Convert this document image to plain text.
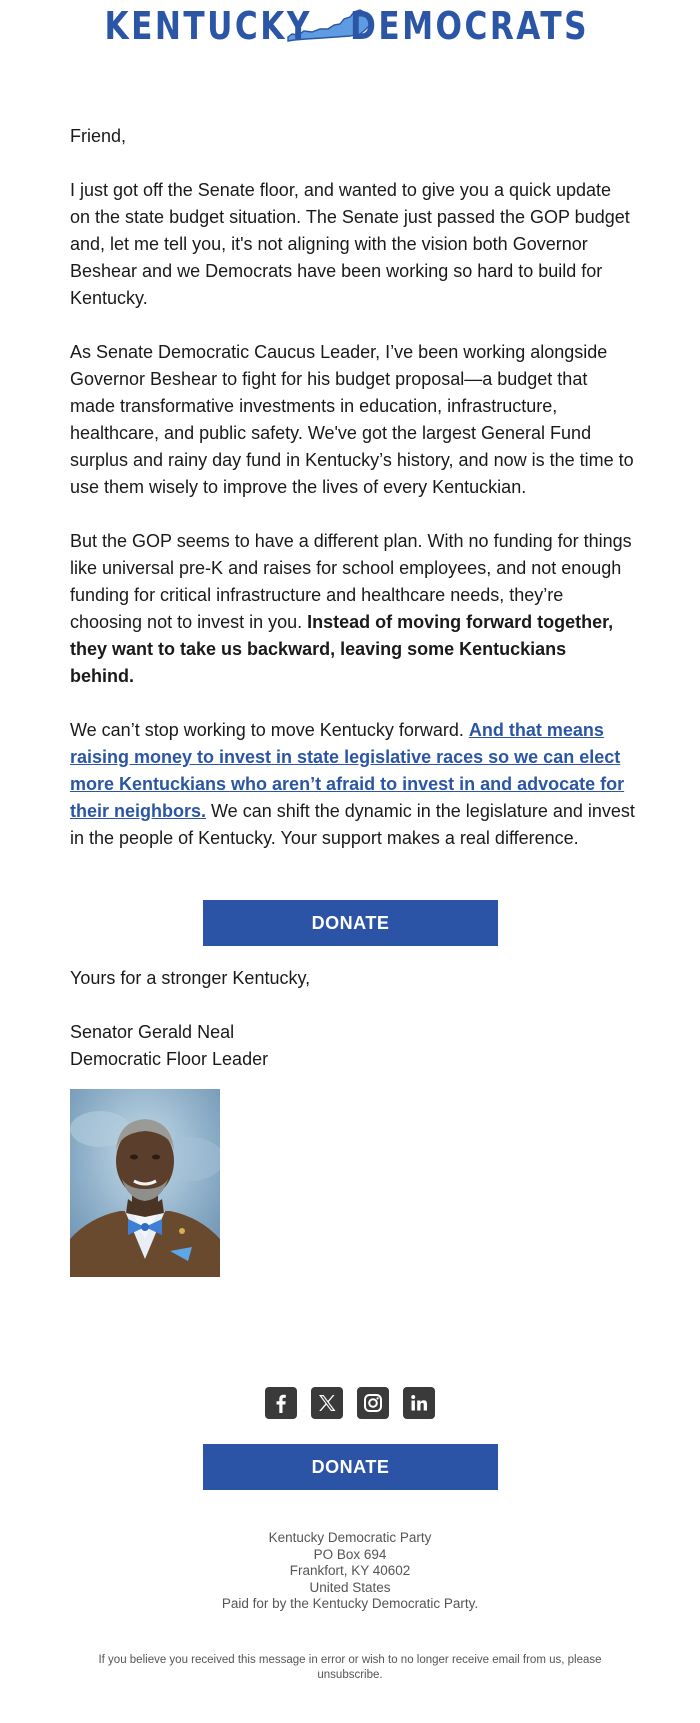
KENTUCKY DEMOCRATS

Friend,

I just got off the Senate floor, and wanted to give you a quick update on the state budget situation. The Senate just passed the GOP budget and, let me tell you, it's not aligning with the vision both Governor Beshear and we Democrats have been working so hard to build for Kentucky.

As Senate Democratic Caucus Leader, I’ve been working alongside Governor Beshear to fight for his budget proposal—a budget that made transformative investments in education, infrastructure, healthcare, and public safety. We've got the largest General Fund surplus and rainy day fund in Kentucky’s history, and now is the time to use them wisely to improve the lives of every Kentuckian.

But the GOP seems to have a different plan. With no funding for things like universal pre-K and raises for school employees, and not enough funding for critical infrastructure and healthcare needs, they’re choosing not to invest in you. Instead of moving forward together, they want to take us backward, leaving some Kentuckians behind.

We can’t stop working to move Kentucky forward. And that means raising money to invest in state legislative races so we can elect more Kentuckians who aren’t afraid to invest in and advocate for their neighbors. We can shift the dynamic in the legislature and invest in the people of Kentucky. Your support makes a real difference.

DONATE

Yours for a stronger Kentucky,

Senator Gerald Neal
Democratic Floor Leader
DONATE
Kentucky Democratic Party
PO Box 694
Frankfort, KY 40602
United States
Paid for by the Kentucky Democratic Party.
If you believe you received this message in error or wish to no longer receive email from us, please unsubscribe.
